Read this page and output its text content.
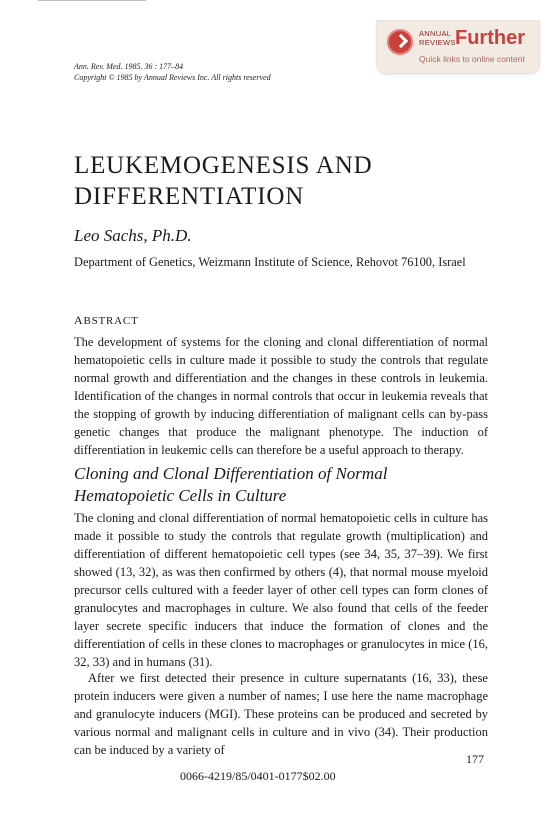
ANNUAL
REVIEWS Further
Quick links to online content
Ann. Rev. Med. 1985. 36 : 177–84
Copyright © 1985 by Annual Reviews Inc. All rights reserved
LEUKEMOGENESIS AND DIFFERENTIATION
Leo Sachs, Ph.D.
Department of Genetics, Weizmann Institute of Science, Rehovot 76100, Israel
ABSTRACT

The development of systems for the cloning and clonal differentiation of normal hematopoietic cells in culture made it possible to study the controls that regulate normal growth and differentiation and the changes in these controls in leukemia. Identification of the changes in normal controls that occur in leukemia reveals that the stopping of growth by inducing differentiation of malignant cells can by-pass genetic changes that produce the malignant phenotype. The induction of differentiation in leukemic cells can therefore be a useful approach to therapy.

Cloning and Clonal Differentiation of Normal Hematopoietic Cells in Culture

The cloning and clonal differentiation of normal hematopoietic cells in culture has made it possible to study the controls that regulate growth (multiplication) and differentiation of different hematopoietic cell types (see 34, 35, 37–39). We first showed (13, 32), as was then confirmed by others (4), that normal mouse myeloid precursor cells cultured with a feeder layer of other cell types can form clones of granulocytes and macrophages in culture. We also found that cells of the feeder layer secrete specific inducers that induce the formation of clones and the differentiation of cells in these clones to macrophages or granulocytes in mice (16, 32, 33) and in humans (31).

After we first detected their presence in culture supernatants (16, 33), these protein inducers were given a number of names; I use here the name macrophage and granulocyte inducers (MGI). These proteins can be produced and secreted by various normal and malignant cells in culture and in vivo (34). Their production can be induced by a variety of

177
0066-4219/85/0401-0177$02.00
